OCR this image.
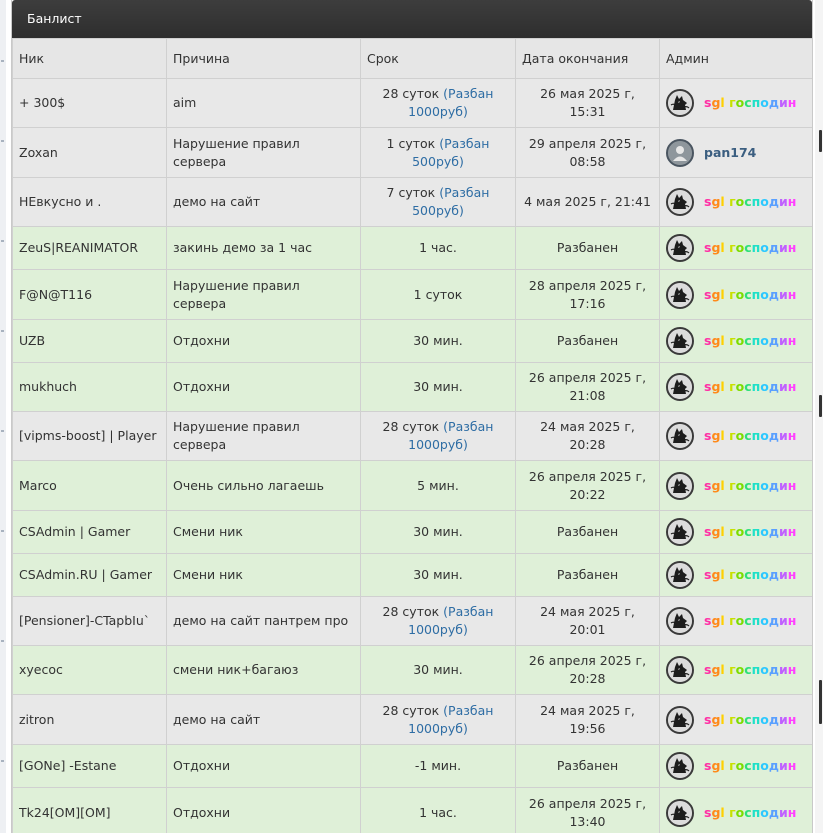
Банлист
Ник	Причина	Срок	Дата окончания	Админ
+ 300$	aim	28 суток (Разбан 1000руб)	26 мая 2025 г, 15:31	sgl господин

Zoxan	Нарушение правил сервера	1 суток (Разбан 500руб)	29 апреля 2025 г, 08:58	pan174

НЕвкусно и .	демо на сайт	7 суток (Разбан 500руб)	4 мая 2025 г, 21:41	sgl господин

ZeuS|REANIMATOR	закинь демо за 1 час	1 час.	Разбанен	sgl господин

F@N@T116	Нарушение правил сервера	1 суток	28 апреля 2025 г, 17:16	sgl господин

UZB	Отдохни	30 мин.	Разбанен	sgl господин

mukhuch	Отдохни	30 мин.	26 апреля 2025 г, 21:08	sgl господин

[vipms-boost] | Player	Нарушение правил сервера	28 суток (Разбан 1000руб)	24 мая 2025 г, 20:28	sgl господин

Marco	Очень сильно лагаешь	5 мин.	26 апреля 2025 г, 20:22	sgl господин

CSAdmin | Gamer	Смени ник	30 мин.	Разбанен	sgl господин

CSAdmin.RU | Gamer	Смени ник	30 мин.	Разбанен	sgl господин

[Pensioner]-CTapbIu`	демо на сайт пантрем про	28 суток (Разбан 1000руб)	24 мая 2025 г, 20:01	sgl господин

xyecoc	смени ник+багаюз	30 мин.	26 апреля 2025 г, 20:28	sgl господин

zitron	демо на сайт	28 суток (Разбан 1000руб)	24 мая 2025 г, 19:56	sgl господин

[GONe] -Estane	Отдохни	-1 мин.	Разбанен	sgl господин

Tk24[OM][OM]	Отдохни	1 час.	26 апреля 2025 г, 13:40	sgl господин
